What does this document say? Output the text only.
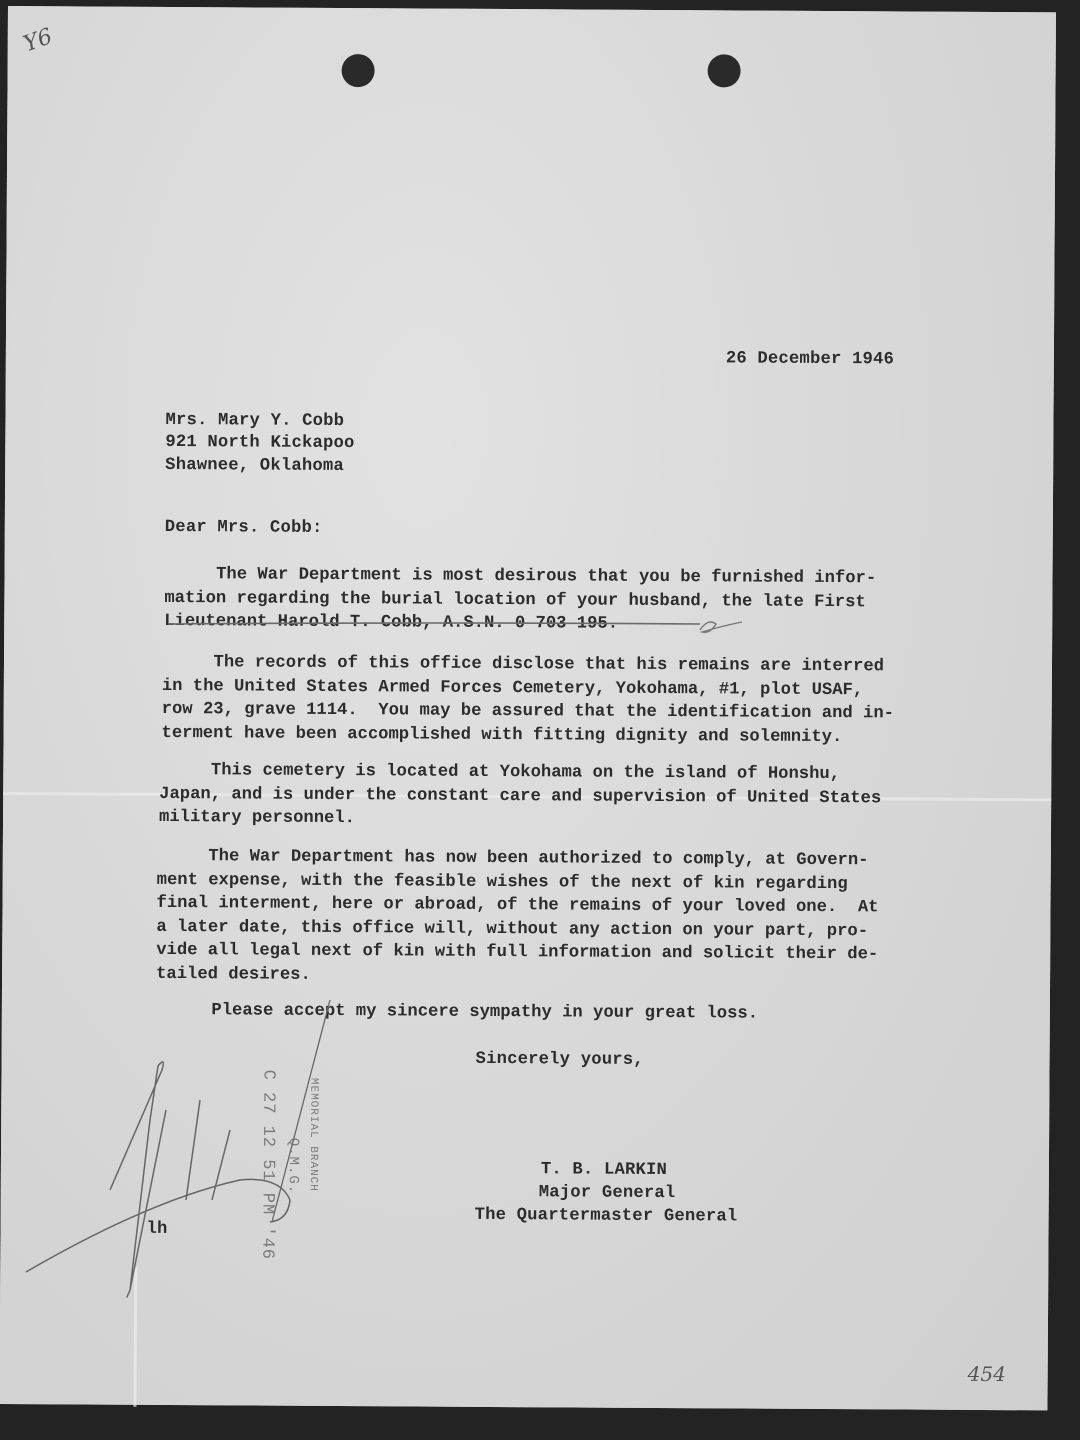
Y6
26 December 1946
Mrs. Mary Y. Cobb
921 North Kickapoo
Shawnee, Oklahoma
Dear Mrs. Cobb:
The War Department is most desirous that you be furnished infor-
mation regarding the burial location of your husband, the late First
Lieutenant Harold T. Cobb, A.S.N. 0 703 195.
The records of this office disclose that his remains are interred
in the United States Armed Forces Cemetery, Yokohama, #1, plot USAF,
row 23, grave 1114.  You may be assured that the identification and in-
terment have been accomplished with fitting dignity and solemnity.
This cemetery is located at Yokohama on the island of Honshu,
Japan, and is under the constant care and supervision of United States
military personnel.
The War Department has now been authorized to comply, at Govern-
ment expense, with the feasible wishes of the next of kin regarding
final interment, here or abroad, of the remains of your loved one.  At
a later date, this office will, without any action on your part, pro-
vide all legal next of kin with full information and solicit their de-
tailed desires.
Please accept my sincere sympathy in your great loss.
Sincerely yours,
T. B. LARKIN
Major General
The Quartermaster General
lh	C 27 12 51 PM '46 Q.M.G. MEMORIAL BRANCH
454
